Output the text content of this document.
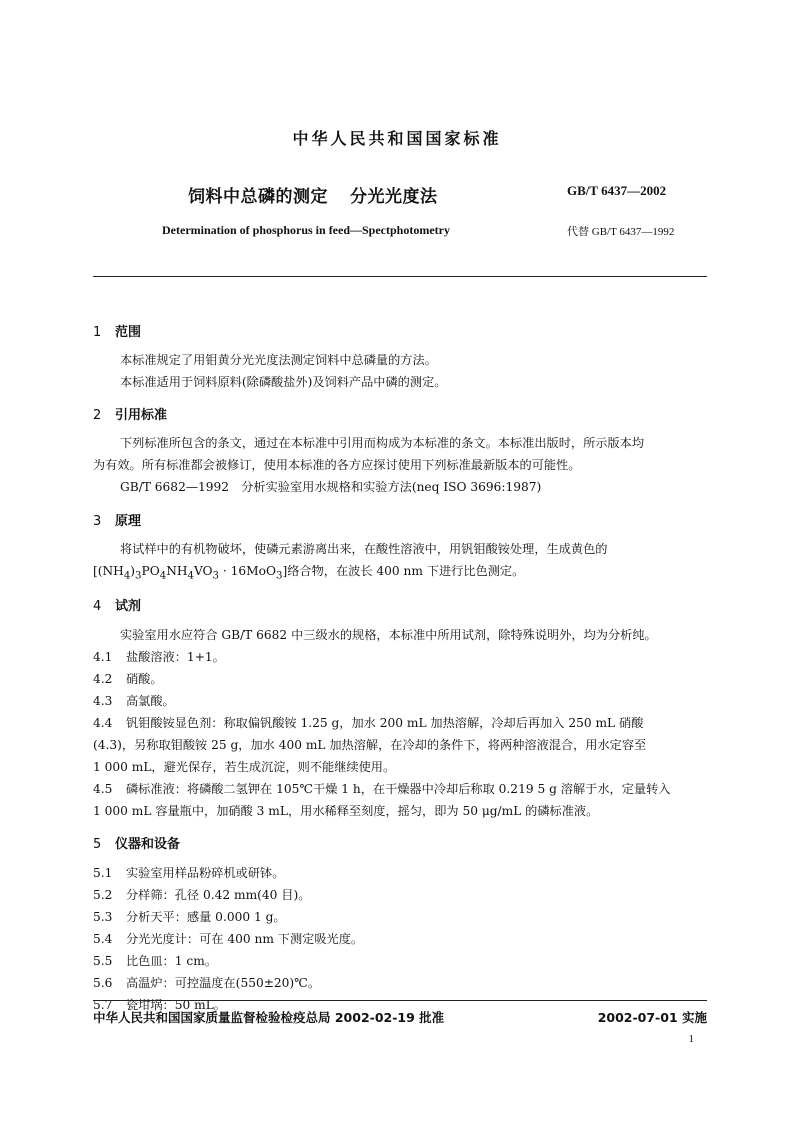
中华人民共和国国家标准
饲料中总磷的测定 分光光度法	GB/T 6437—2002
Determination of phosphorus in feed—Spectphotometry	代替 GB/T 6437—1992
1 范围
本标准规定了用钼黄分光光度法测定饲料中总磷量的方法。
本标准适用于饲料原料(除磷酸盐外)及饲料产品中磷的测定。
2 引用标准
下列标准所包含的条文，通过在本标准中引用而构成为本标准的条文。本标准出版时，所示版本均
为有效。所有标准都会被修订，使用本标准的各方应探讨使用下列标准最新版本的可能性。
GB/T 6682—1992　分析实验室用水规格和实验方法(neq ISO 3696:1987)
3 原理
将试样中的有机物破坏，使磷元素游离出来，在酸性溶液中，用钒钼酸铵处理，生成黄色的
$[(NH_4)_3PO_4NH_4VO_3 \cdot 16MoO_3]$络合物，在波长 400 nm 下进行比色测定。
4 试剂
实验室用水应符合 GB/T 6682 中三级水的规格，本标准中所用试剂，除特殊说明外，均为分析纯。
4.1 盐酸溶液：1+1。
4.2 硝酸。
4.3 高氯酸。
4.4 钒钼酸铵显色剂：称取偏钒酸铵 1.25 g，加水 200 mL 加热溶解，冷却后再加入 250 mL 硝酸
(4.3)，另称取钼酸铵 25 g，加水 400 mL 加热溶解，在冷却的条件下，将两种溶液混合，用水定容至
1 000 mL，避光保存，若生成沉淀，则不能继续使用。
4.5 磷标准液：将磷酸二氢钾在 105℃干燥 1 h，在干燥器中冷却后称取 0.219 5 g 溶解于水，定量转入
1 000 mL 容量瓶中，加硝酸 3 mL，用水稀释至刻度，摇匀，即为 50 μg/mL 的磷标准液。
5 仪器和设备
5.1 实验室用样品粉碎机或研钵。
5.2 分样筛：孔径 0.42 mm(40 目)。
5.3 分析天平：感量 0.000 1 g。
5.4 分光光度计：可在 400 nm 下测定吸光度。
5.5 比色皿：1 cm。
5.6 高温炉：可控温度在(550±20)℃。
5.7 瓷坩埚：50 mL。
中华人民共和国国家质量监督检验检疫总局 2002-02-19 批准	2002-07-01 实施
1
